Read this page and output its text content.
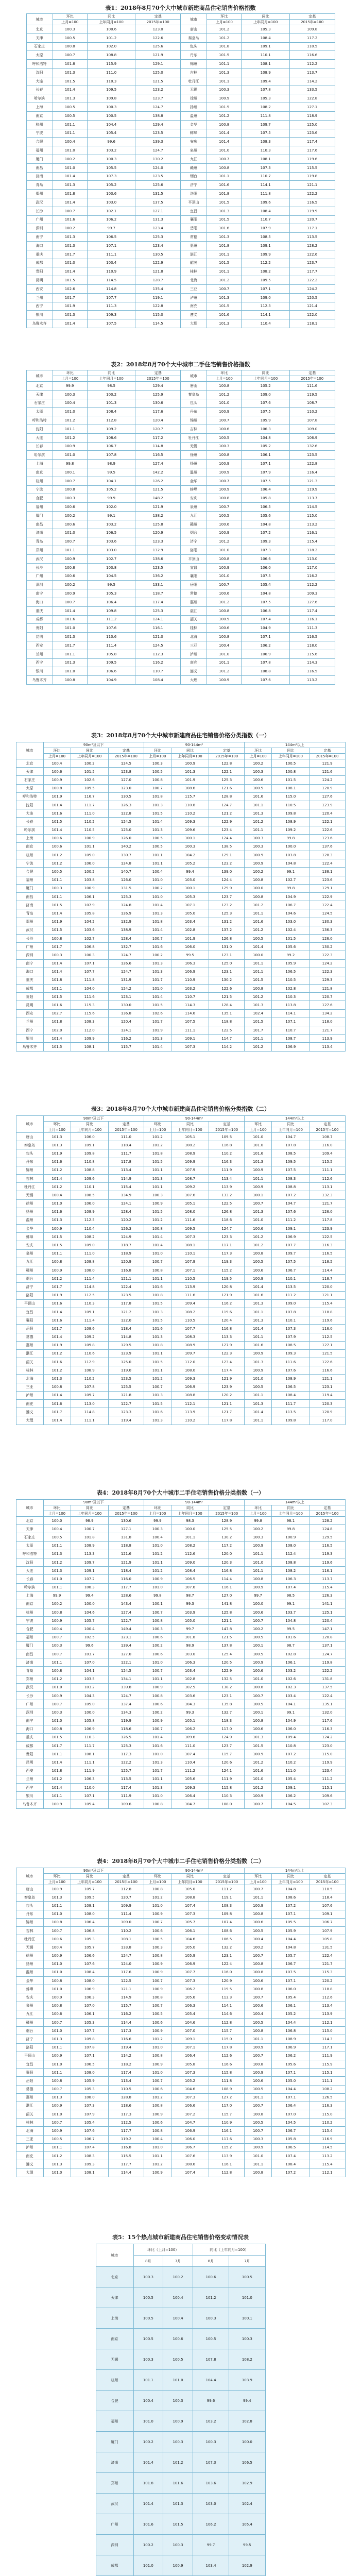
表1：2018年8月70个大中城市新建商品住宅销售价格指数
城市	环比	同比	定基	城市	环比	同比	定基
	上月=100	上年同月=100	2015年=100		上月=100	上年同月=100	2015年=100
北京	100.3	100.6	123.0	唐山	101.2	105.3	109.8
天津	100.5	101.2	122.6	秦皇岛	101.2	108.4	117.2
石家庄	100.8	102.0	125.6	包头	101.8	109.1	110.5
太原	100.7	108.8	121.9	丹东	101.5	110.1	116.6
呼和浩特	101.8	115.9	129.1	锦州	101.1	108.1	112.2
沈阳	101.3	111.0	125.0	吉林	101.3	108.9	113.7
大连	101.5	110.3	121.5	牡丹江	101.1	109.4	114.2
长春	101.4	109.5	123.2	无锡	100.3	107.8	133.5
哈尔滨	101.3	109.8	123.7	徐州	100.9	105.3	122.8
上海	100.5	100.3	124.7	扬州	101.5	108.2	127.1
南京	100.5	100.5	138.8	温州	101.2	111.8	118.9
杭州	101.1	104.4	129.4	金华	100.8	109.7	125.0
宁波	101.1	105.4	123.5	蚌埠	101.4	107.5	123.6
合肥	100.4	99.6	139.3	安庆	101.4	108.3	117.4
福州	101.0	103.2	124.7	泉州	101.0	110.3	117.6
厦门	100.2	100.3	130.2	九江	100.7	108.1	119.6
南昌	101.0	105.5	124.0	赣州	100.8	107.3	115.5
济南	101.4	107.3	123.5	烟台	101.1	110.7	119.8
青岛	101.3	105.2	125.6	济宁	101.6	114.1	121.1
郑州	101.8	103.6	131.5	洛阳	101.8	111.8	122.2
武汉	101.4	103.0	137.5	平顶山	101.5	109.6	116.5
长沙	100.7	102.1	127.1	宜昌	101.3	108.4	119.9
广州	101.6	106.2	131.3	襄阳	101.5	110.7	120.7
深圳	100.2	99.7	123.4	岳阳	101.6	107.9	117.1
南宁	101.3	106.5	125.3	常德	101.3	108.5	113.5
海口	101.3	107.1	123.4	惠州	101.8	109.1	128.2
重庆	101.7	111.1	130.5	湛江	101.1	109.9	122.6
成都	101.0	103.4	122.9	韶关	101.5	112.2	123.7
贵阳	101.4	110.9	121.8	桂林	101.1	108.2	117.7
昆明	101.5	114.5	128.7	北海	101.2	109.5	122.2
西安	102.6	114.8	135.4	三亚	100.7	107.1	124.2
兰州	101.7	107.7	119.1	泸州	101.3	109.0	120.5
西宁	101.9	111.3	122.8	南充	101.5	112.3	121.4
银川	101.3	109.3	115.0	遵义	101.6	114.1	122.0
乌鲁木齐	101.4	107.5	114.5	大理	101.3	110.4	118.1
表2：2018年8月70个大中城市二手住宅销售价格指数
城市	环比	同比	定基	城市	环比	同比	定基
	上月=100	上年同月=100	2015年=100		上月=100	上年同月=100	2015年=100
北京	99.9	98.5	129.4	唐山	100.8	105.2	111.6
天津	100.3	100.2	125.9	秦皇岛	101.2	109.0	119.5
石家庄	100.4	101.3	130.6	包头	101.0	107.6	108.7
太原	101.0	108.4	117.6	丹东	100.9	107.5	110.2
呼和浩特	101.2	112.8	120.4	锦州	100.7	105.9	107.8
沈阳	101.1	109.2	120.7	吉林	100.6	106.3	109.0
大连	101.2	108.6	117.2	牡丹江	100.5	104.8	106.9
长春	100.9	106.7	114.8	无锡	100.3	105.2	132.6
哈尔滨	101.0	107.8	116.5	徐州	100.8	106.1	123.5
上海	99.8	98.9	127.4	扬州	100.9	107.1	122.8
南京	100.1	99.5	142.2	温州	100.9	107.9	116.4
杭州	100.7	104.1	126.2	金华	100.7	107.5	121.3
宁波	100.8	105.2	121.5	蚌埠	100.9	106.4	119.9
合肥	100.3	99.9	148.2	安庆	100.8	105.8	113.7
福州	100.6	102.0	121.9	泉州	100.7	106.5	114.5
厦门	100.2	99.1	138.2	九江	100.5	105.6	115.0
南昌	100.6	103.2	125.8	赣州	100.6	104.8	113.2
济南	101.0	106.5	120.9	烟台	100.9	107.2	116.1
青岛	100.7	103.6	123.3	济宁	101.2	109.3	115.4
郑州	101.1	103.0	132.9	洛阳	101.0	107.3	118.2
武汉	100.9	102.7	138.6	平顶山	100.8	106.6	113.0
长沙	100.8	103.8	123.5	宜昌	100.9	106.0	117.0
广州	100.6	104.5	136.2	襄阳	101.0	107.5	116.2
深圳	100.2	99.5	133.1	岳阳	100.7	105.4	112.2
南宁	100.9	105.3	118.7	常德	100.6	104.8	109.3
海口	100.7	106.4	117.4	惠州	101.2	107.5	127.6
重庆	101.4	109.8	125.3	湛江	100.8	106.8	117.4
成都	101.6	111.2	124.1	韶关	100.9	107.4	116.1
贵阳	101.0	107.6	116.1	桂林	100.6	104.9	111.3
昆明	101.3	110.6	121.0	北海	100.8	107.1	116.5
西安	101.7	111.4	124.5	三亚	100.4	106.2	118.0
兰州	101.1	105.8	112.3	泸州	101.0	106.9	115.6
西宁	101.3	109.5	116.2	南充	101.1	107.8	114.3
银川	101.0	106.6	110.7	遵义	101.2	108.8	116.5
乌鲁木齐	100.8	104.9	108.4	大理	100.9	107.6	113.2
表3：2018年8月70个大中城市新建商品住宅销售价格分类指数（一）
城市	90m²及以下			90-144m²			144m²以上		
	环比	同比	定基	环比	同比	定基	环比	同比	定基
	上月=100	上年同月=100	2015年=100	上月=100	上年同月=100	2015年=100	上月=100	上年同月=100	2015年=100
北京	100.4	100.2	124.5	100.3	100.9	122.8	100.2	100.5	121.9
天津	100.6	101.5	123.8	100.5	101.3	122.1	100.3	100.8	121.6
石家庄	100.9	102.6	127.0	100.8	101.9	125.3	100.6	101.5	124.2
太原	100.8	109.5	123.0	100.7	108.6	121.6	100.5	108.1	120.9
呼和浩特	101.9	116.7	130.5	101.8	115.7	128.8	101.6	115.0	127.6
沈阳	101.4	111.7	126.3	101.3	110.8	124.7	101.1	110.5	123.9
大连	101.6	111.0	122.8	101.5	110.2	121.2	101.3	109.8	120.4
长春	101.5	110.2	124.5	101.4	109.3	122.9	101.2	108.9	122.1
哈尔滨	101.4	110.5	125.0	101.3	109.6	123.4	101.1	109.2	122.6
上海	100.6	100.9	126.0	100.5	100.1	124.4	100.3	99.8	123.6
南京	100.6	101.1	140.2	100.5	100.3	138.5	100.3	100.0	137.6
杭州	101.2	105.0	130.7	101.1	104.2	129.1	100.9	103.8	128.3
宁波	101.2	106.0	124.8	101.1	105.2	123.2	100.9	104.8	122.4
合肥	100.5	100.2	140.7	100.4	99.4	139.0	100.2	99.1	138.1
福州	101.1	103.8	126.0	101.0	103.0	124.4	100.8	102.7	123.6
厦门	100.3	100.9	131.5	100.2	100.1	129.9	100.0	99.8	129.1
南昌	101.1	106.1	125.3	101.0	105.3	123.7	100.8	104.9	122.9
济南	101.5	107.9	124.8	101.4	107.1	123.2	101.2	106.7	122.4
青岛	101.4	105.8	126.9	101.3	105.0	125.3	101.1	104.6	124.5
郑州	101.9	104.2	132.9	101.8	103.4	131.2	101.6	103.0	130.3
武汉	101.5	103.6	138.9	101.4	102.8	137.2	101.2	102.4	136.3
长沙	100.8	102.7	128.4	100.7	101.9	126.8	100.5	101.5	126.0
广州	101.7	106.8	132.7	101.6	106.0	131.0	101.4	105.6	130.2
深圳	100.3	100.3	124.7	100.2	99.5	123.1	100.0	99.2	122.3
南宁	101.4	107.1	126.6	101.3	106.3	125.0	101.1	105.9	124.2
海口	101.4	107.7	124.7	101.3	106.9	123.1	101.1	106.5	122.3
重庆	101.8	111.8	131.9	101.7	110.9	130.2	101.5	110.5	129.3
成都	101.1	104.0	124.2	101.0	103.2	122.6	100.8	102.8	121.8
贵阳	101.5	111.6	123.1	101.4	110.7	121.5	101.2	110.3	120.7
昆明	101.6	115.3	130.0	101.5	114.3	128.4	101.3	113.8	127.6
西安	102.7	115.6	136.8	102.6	114.6	135.1	102.4	114.1	134.2
兰州	101.8	108.3	120.4	101.7	107.5	118.8	101.5	107.1	118.0
西宁	102.0	112.0	124.1	101.9	111.1	122.5	101.7	110.7	121.7
银川	101.4	109.9	116.2	101.3	109.1	114.7	101.1	108.7	113.9
乌鲁木齐	101.5	108.1	115.7	101.4	107.3	114.2	101.2	106.9	113.4
表3：2018年8月70个大中城市新建商品住宅销售价格分类指数（二）
城市	90m²及以下			90-144m²			144m²以上		
	环比	同比	定基	环比	同比	定基	环比	同比	定基
	上月=100	上年同月=100	2015年=100	上月=100	上年同月=100	2015年=100	上月=100	上年同月=100	2015年=100
唐山	101.3	106.0	111.0	101.2	105.1	109.5	101.0	104.7	108.7
秦皇岛	101.3	109.1	118.4	101.2	108.2	116.8	101.0	107.8	116.0
包头	101.9	109.8	111.7	101.8	108.9	110.2	101.6	108.5	109.4
丹东	101.6	110.8	117.8	101.5	109.9	116.3	101.3	109.5	115.5
锦州	101.2	108.8	113.4	101.1	107.9	111.9	100.9	107.5	111.1
吉林	101.4	109.6	114.9	101.3	108.7	113.4	101.1	108.3	112.6
牡丹江	101.2	110.1	115.4	101.1	109.2	113.9	100.9	108.8	113.1
无锡	100.4	108.5	134.9	100.3	107.6	133.2	100.1	107.2	132.3
徐州	101.0	106.0	124.1	100.9	105.1	122.5	100.7	104.7	121.7
扬州	101.6	108.9	128.4	101.5	108.0	126.8	101.3	107.6	126.0
温州	101.3	112.5	120.2	101.2	111.6	118.6	101.0	111.2	117.8
金华	100.9	110.4	126.3	100.8	109.5	124.7	100.6	109.1	123.9
蚌埠	101.5	108.2	124.9	101.4	107.3	123.3	101.2	106.9	122.5
安庆	101.5	109.0	118.7	101.4	108.1	117.1	101.2	107.7	116.3
泉州	101.1	111.0	118.9	101.0	110.1	117.3	100.8	109.7	116.5
九江	100.8	108.8	120.9	100.7	107.9	119.3	100.5	107.5	118.5
赣州	100.9	108.0	116.8	100.8	107.1	115.2	100.6	106.7	114.4
烟台	101.2	111.4	121.1	101.1	110.5	119.5	100.9	110.1	118.7
济宁	101.7	114.8	122.4	101.6	113.9	120.8	101.4	113.5	120.0
洛阳	101.9	112.5	123.5	101.8	111.6	121.9	101.6	111.2	121.1
平顶山	101.6	110.3	117.8	101.5	109.4	116.2	101.3	109.0	115.4
宜昌	101.4	109.1	121.2	101.3	108.2	119.6	101.1	107.8	118.8
襄阳	101.6	111.4	122.0	101.5	110.5	120.4	101.3	110.1	119.6
岳阳	101.7	108.6	118.4	101.6	107.7	116.8	101.4	107.3	116.0
常德	101.4	109.2	114.8	101.3	108.3	113.3	101.1	107.9	112.5
惠州	101.9	109.8	129.5	101.8	108.9	127.9	101.6	108.5	127.1
湛江	101.2	110.6	123.9	101.1	109.7	122.3	100.9	109.3	121.5
韶关	101.6	112.9	125.0	101.5	112.0	123.4	101.3	111.6	122.6
桂林	101.2	108.9	119.0	101.1	108.0	117.4	100.9	107.6	116.6
北海	101.3	110.2	123.5	101.2	109.3	121.9	101.0	108.9	121.1
三亚	100.8	107.8	125.5	100.7	106.9	123.9	100.5	106.5	123.1
泸州	101.4	109.7	121.8	101.3	108.8	120.2	101.1	108.4	119.4
南充	101.6	113.0	122.7	101.5	112.1	121.1	101.3	111.7	120.3
遵义	101.7	114.8	123.3	101.6	113.9	121.7	101.4	113.5	120.9
大理	101.4	111.1	119.4	101.3	110.2	117.8	101.1	109.8	117.0
表4：2018年8月70个大中城市二手住宅销售价格分类指数（一）
城市	90m²及以下			90-144m²			144m²以上		
	环比	同比	定基	环比	同比	定基	环比	同比	定基
	上月=100	上年同月=100	2015年=100	上月=100	上年同月=100	2015年=100	上月=100	上年同月=100	2015年=100
北京	100.0	98.9	130.6	99.9	98.3	128.9	99.8	98.1	128.2
天津	100.4	100.7	127.1	100.3	100.0	125.5	100.2	99.8	124.8
石家庄	100.5	101.8	131.8	100.4	101.1	130.2	100.3	100.9	129.5
太原	101.1	108.9	118.8	101.0	108.2	117.2	100.9	108.0	116.5
呼和浩特	101.3	113.3	121.6	101.2	112.6	120.0	101.1	112.4	119.3
沈阳	101.2	109.7	121.9	101.1	109.0	120.3	101.0	108.8	119.6
大连	101.3	109.1	118.4	101.2	108.4	116.8	101.1	108.2	116.1
长春	101.0	107.2	116.0	100.9	106.5	114.4	100.8	106.3	113.7
哈尔滨	101.1	108.3	117.7	101.0	107.6	116.1	100.9	107.4	115.4
上海	99.9	99.4	128.6	99.8	98.7	127.0	99.7	98.5	126.3
南京	100.2	100.0	143.4	100.1	99.3	141.8	100.0	99.1	141.1
杭州	100.8	104.6	127.4	100.7	103.9	125.8	100.6	103.7	125.1
宁波	100.9	105.7	122.7	100.8	105.0	121.1	100.7	104.8	120.4
合肥	100.4	100.4	149.4	100.3	99.7	147.8	100.2	99.5	147.1
福州	100.7	102.5	123.1	100.6	101.8	121.5	100.5	101.6	120.8
厦门	100.3	99.6	139.4	100.2	98.9	137.8	100.1	98.7	137.1
南昌	100.7	103.7	127.0	100.6	103.0	125.4	100.5	102.8	124.7
济南	101.1	107.0	122.1	101.0	106.3	120.5	100.9	106.1	119.8
青岛	100.8	104.1	124.5	100.7	103.4	122.9	100.6	103.2	122.2
郑州	101.2	103.5	134.1	101.1	102.8	132.5	101.0	102.6	131.8
武汉	101.0	103.2	139.8	100.9	102.5	138.2	100.8	102.3	137.5
长沙	100.9	104.3	124.7	100.8	103.6	123.1	100.7	103.4	122.4
广州	100.7	105.0	137.4	100.6	104.3	135.8	100.5	104.1	135.1
深圳	100.3	100.0	134.3	100.2	99.3	132.7	100.1	99.1	132.0
南宁	101.0	105.8	119.9	100.9	105.1	118.3	100.8	104.9	117.6
海口	100.8	106.9	118.6	100.7	106.2	117.0	100.6	106.0	116.3
重庆	101.5	110.3	126.5	101.4	109.6	124.9	101.3	109.4	124.2
成都	101.7	111.7	125.3	101.6	111.0	123.7	101.5	110.8	123.0
贵阳	101.1	108.1	117.3	101.0	107.4	115.7	100.9	107.2	115.0
昆明	101.4	111.1	122.2	101.3	110.4	120.6	101.2	110.2	119.9
西安	101.8	111.9	125.7	101.7	111.2	124.1	101.6	111.0	123.4
兰州	101.2	106.3	113.5	101.1	105.6	111.9	101.0	105.4	111.2
西宁	101.4	110.0	117.4	101.3	109.3	115.8	101.2	109.1	115.1
银川	101.1	107.1	111.9	101.0	106.4	110.3	100.9	106.2	109.6
乌鲁木齐	100.9	105.4	109.6	100.8	104.7	108.0	100.7	104.5	107.3
表4：2018年8月70个大中城市二手住宅销售价格分类指数（二）
城市	90m²及以下			90-144m²			144m²以上		
	环比	同比	定基	环比	同比	定基	环比	同比	定基
	上月=100	上年同月=100	2015年=100	上月=100	上年同月=100	2015年=100	上月=100	上年同月=100	2015年=100
唐山	100.9	105.7	112.8	100.8	105.0	111.2	100.7	104.8	110.5
秦皇岛	101.3	109.5	120.7	101.2	108.8	119.1	101.1	108.6	118.4
包头	101.1	108.1	109.9	101.0	107.4	108.3	100.9	107.2	107.6
丹东	101.0	108.0	111.4	100.9	107.3	109.8	100.8	107.1	109.1
锦州	100.8	106.4	109.0	100.7	105.7	107.4	100.6	105.5	106.7
吉林	100.7	106.8	110.2	100.6	106.1	108.6	100.5	105.9	107.9
牡丹江	100.6	105.3	108.1	100.5	104.6	106.5	100.4	104.4	105.8
无锡	100.4	105.7	133.8	100.3	105.0	132.2	100.2	104.8	131.5
徐州	100.9	106.6	124.7	100.8	105.9	123.1	100.7	105.7	122.4
扬州	101.0	107.6	124.0	100.9	106.9	122.4	100.8	106.7	121.7
温州	101.0	108.4	117.6	100.9	107.7	116.0	100.8	107.5	115.3
金华	100.8	108.0	122.5	100.7	107.3	120.9	100.6	107.1	120.2
蚌埠	101.0	106.9	121.1	100.9	106.2	119.5	100.8	106.0	118.8
安庆	100.9	106.3	114.9	100.8	105.6	113.3	100.7	105.4	112.6
泉州	100.8	107.0	115.7	100.7	106.3	114.1	100.6	106.1	113.4
九江	100.6	106.1	116.2	100.5	105.4	114.6	100.4	105.2	113.9
赣州	100.7	105.3	114.4	100.6	104.6	112.8	100.5	104.4	112.1
烟台	101.0	107.7	117.3	100.9	107.0	115.7	100.8	106.8	115.0
济宁	101.3	109.8	116.6	101.2	109.1	115.0	101.1	108.9	114.3
洛阳	101.1	107.8	119.4	101.0	107.1	117.8	100.9	106.9	117.1
平顶山	100.9	107.1	114.2	100.8	106.4	112.6	100.7	106.2	111.9
宜昌	101.0	106.5	118.2	100.9	105.8	116.6	100.8	105.6	115.9
襄阳	101.1	108.0	117.4	101.0	107.3	115.8	100.9	107.1	115.1
岳阳	100.8	105.9	113.4	100.7	105.2	111.8	100.6	105.0	111.1
常德	100.7	105.3	110.5	100.6	104.6	108.9	100.5	104.4	108.2
惠州	101.3	108.0	128.8	101.2	107.3	127.2	101.1	107.1	126.5
湛江	100.9	107.3	118.6	100.8	106.6	117.0	100.7	106.4	116.3
韶关	101.0	107.9	117.3	100.9	107.2	115.7	100.8	107.0	115.0
桂林	100.7	105.4	112.5	100.6	104.7	110.9	100.5	104.5	110.2
北海	100.9	107.6	117.7	100.8	106.9	116.1	100.7	106.7	115.4
三亚	100.5	106.7	119.2	100.4	106.0	117.6	100.3	105.8	116.9
泸州	101.1	107.4	116.8	101.0	106.7	115.2	100.9	106.5	114.5
南充	101.2	108.3	115.5	101.1	107.6	113.9	101.0	107.4	113.2
遵义	101.3	109.3	117.7	101.2	108.6	116.1	101.1	108.4	115.4
大理	101.0	108.1	114.4	100.9	107.4	112.8	100.8	107.2	112.1
表5：15个热点城市新建商品住宅销售价格变动情况表
城市	环比（上月=100）		同比（上年同月=100）	
	8月	7月	8月	7月
北京	100.3	100.2	100.6	100.5
天津	100.5	100.4	101.2	101.0
上海	100.5	100.4	100.3	100.1
南京	100.5	100.6	100.5	100.3
无锡	100.3	100.5	107.8	108.2
杭州	101.1	101.0	104.4	103.9
合肥	100.4	100.3	99.6	99.4
福州	101.0	100.9	103.2	102.8
厦门	100.2	100.3	100.3	100.0
济南	101.4	101.2	107.3	106.5
郑州	101.8	101.6	103.6	102.9
武汉	101.4	101.3	103.0	102.4
广州	101.6	101.5	106.2	105.4
深圳	100.2	100.3	99.7	99.5
成都	101.0	100.9	103.4	102.9
